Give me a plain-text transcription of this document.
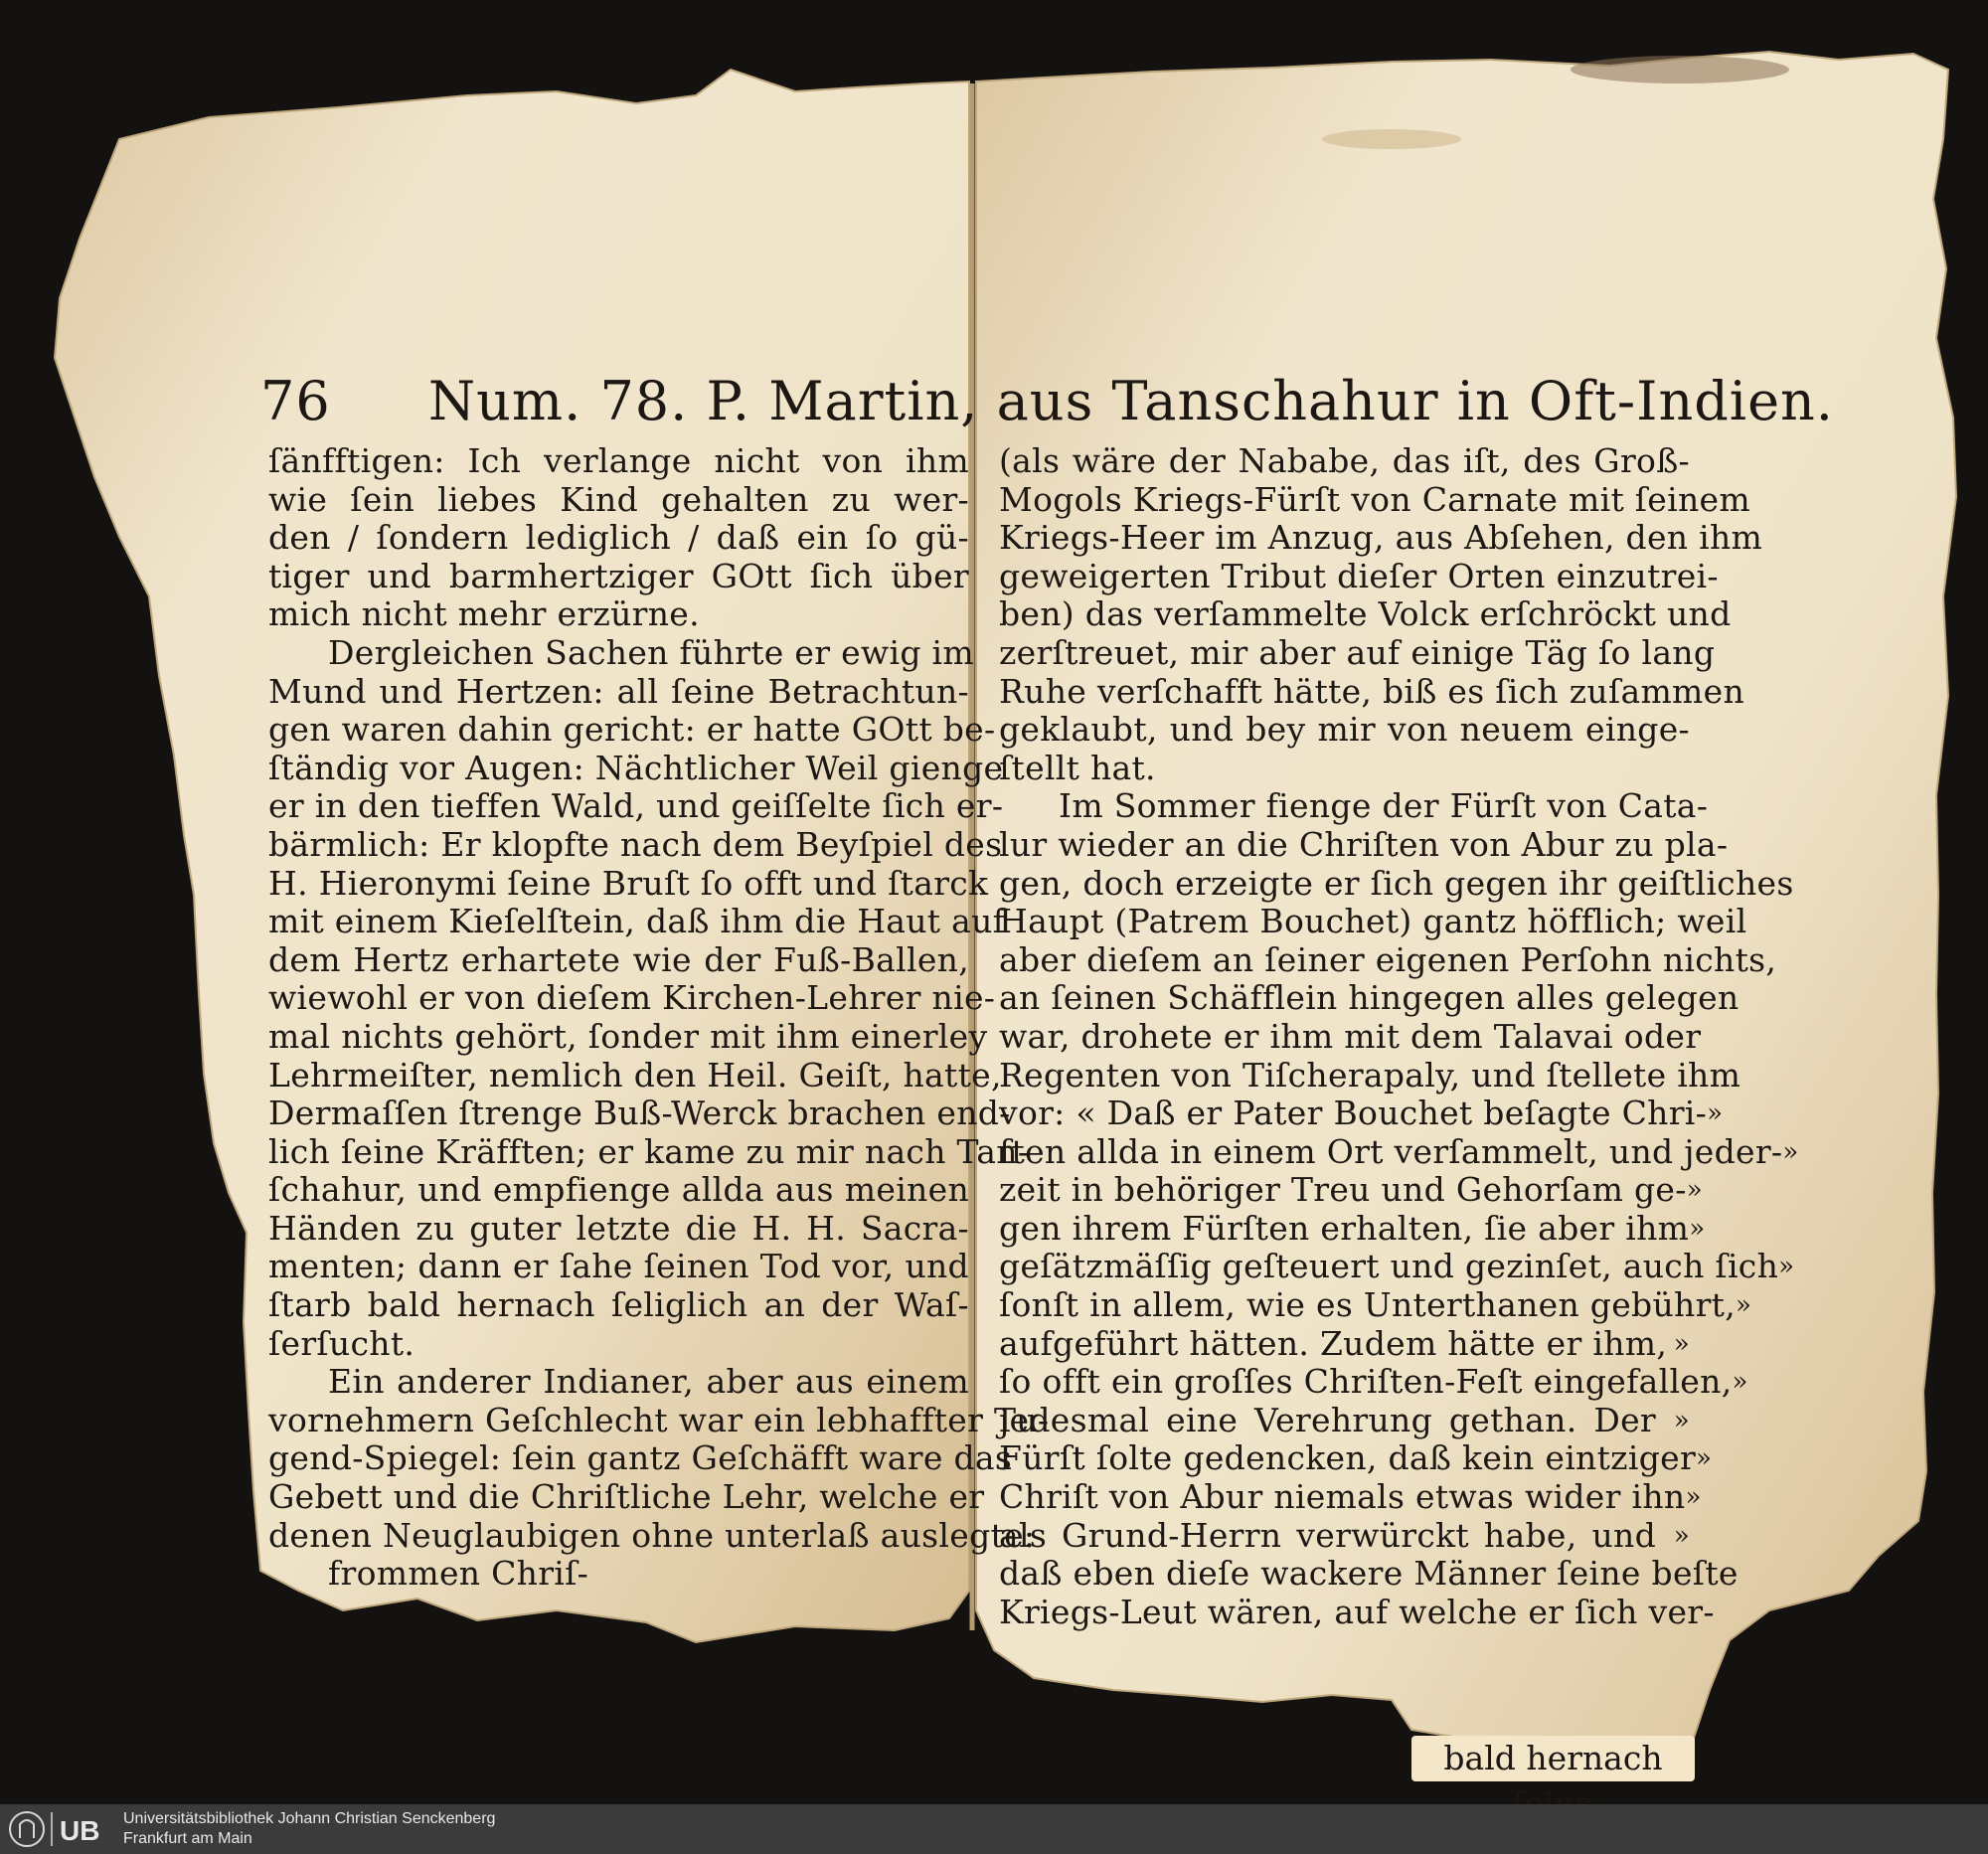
76 Num. 78. P. Martin, aus Tanschahur in Oft-Indien.
ſänfftigen: Ich verlange nicht von ihm
wie ſein liebes Kind gehalten zu wer-
den / ſondern lediglich / daß ein ſo gü-
tiger und barmhertziger GOtt ſich über
mich nicht mehr erzürne.
Dergleichen Sachen führte er ewig im
Mund und Hertzen: all ſeine Betrachtun-
gen waren dahin gericht: er hatte GOtt be-
ſtändig vor Augen: Nächtlicher Weil gienge
er in den tieffen Wald, und geiſſelte ſich er-
bärmlich: Er klopfte nach dem Beyſpiel des
H. Hieronymi ſeine Bruſt ſo offt und ſtarck
mit einem Kieſelſtein, daß ihm die Haut auf
dem Hertz erhartete wie der Fuß-Ballen,
wiewohl er von dieſem Kirchen-Lehrer nie-
mal nichts gehört, ſonder mit ihm einerley
Lehrmeiſter, nemlich den Heil. Geiſt, hatte,
Dermaſſen ſtrenge Buß-Werck brachen end-
lich ſeine Kräfften; er kame zu mir nach Tan-
ſchahur, und empfienge allda aus meinen
Händen zu guter letzte die H. H. Sacra-
menten; dann er ſahe ſeinen Tod vor, und
ſtarb bald hernach ſeliglich an der Waſ-
ſerſucht.
Ein anderer Indianer, aber aus einem
vornehmern Geſchlecht war ein lebhaffter Tu-
gend-Spiegel: ſein gantz Geſchäfft ware das
Gebett und die Chriſtliche Lehr, welche er
denen Neuglaubigen ohne unterlaß auslegte:
frommen Chriſ-
(als wäre der Nababe, das iſt, des Groß-
Mogols Kriegs-Fürſt von Carnate mit ſeinem
Kriegs-Heer im Anzug, aus Abſehen, den ihm
geweigerten Tribut dieſer Orten einzutrei-
ben) das verſammelte Volck erſchröckt und
zerſtreuet, mir aber auf einige Täg ſo lang
Ruhe verſchafft hätte, biß es ſich zuſammen
geklaubt, und bey mir von neuem einge-
ſtellt hat.
Im Sommer fienge der Fürſt von Cata-
lur wieder an die Chriſten von Abur zu pla-
gen, doch erzeigte er ſich gegen ihr geiſtliches
Haupt (Patrem Bouchet) gantz höfflich; weil
aber dieſem an ſeiner eigenen Perſohn nichts,
an ſeinen Schäfflein hingegen alles gelegen
war, drohete er ihm mit dem Talavai oder
Regenten von Tiſcherapaly, und ſtellete ihm
vor: « Daß er Pater Bouchet beſagte Chri- »
ſten allda in einem Ort verſammelt, und jeder- »
zeit in behöriger Treu und Gehorſam ge- »
gen ihrem Fürſten erhalten, ſie aber ihm »
geſätzmäſſig geſteuert und gezinſet, auch ſich »
ſonſt in allem, wie es Unterthanen gebührt, »
aufgeführt hätten. Zudem hätte er ihm, »
ſo offt ein groſſes Chriſten-Feſt eingefallen, »
jedesmal eine Verehrung gethan. Der »
Fürſt ſolte gedencken, daß kein eintziger »
Chriſt von Abur niemals etwas wider ihn »
als Grund-Herrn verwürckt habe, und »
daß eben dieſe wackere Männer ſeine beſte
Kriegs-Leut wären, auf welche er ſich ver-
bald hernach
UB Universitätsbibliothek Johann Christian Senckenberg
Frankfurt am Main
